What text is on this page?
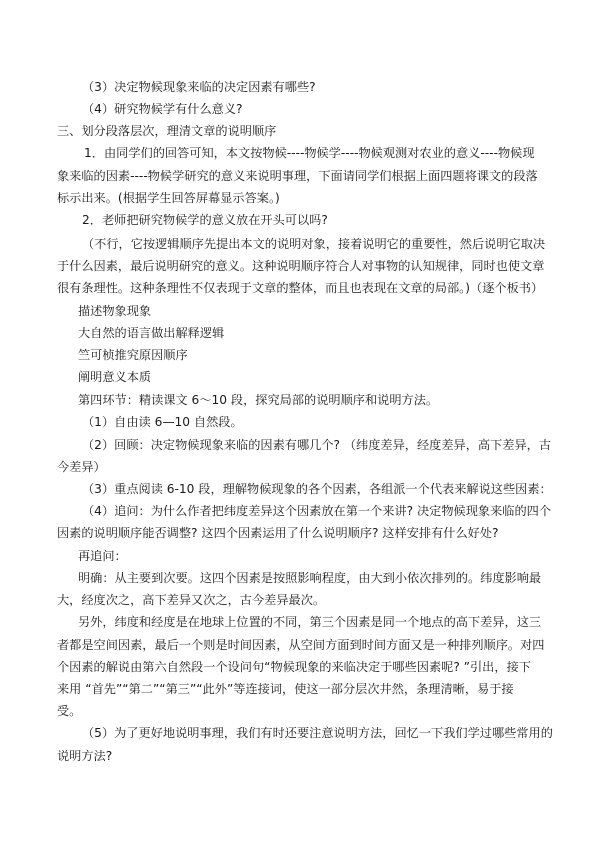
（3）决定物候现象来临的决定因素有哪些?
（4）研究物候学有什么意义?
三、划分段落层次，理清文章的说明顺序
1．由同学们的回答可知，本文按物候----物候学----物候观测对农业的意义----物候现
象来临的因素----物候学研究的意义来说明事理，下面请同学们根据上面四题将课文的段落
标示出来。(根据学生回答屏幕显示答案。)
2．老师把研究物候学的意义放在开头可以吗?
（不行，它按逻辑顺序先提出本文的说明对象，接着说明它的重要性，然后说明它取决
于什么因素，最后说明研究的意义。这种说明顺序符合人对事物的认知规律，同时也使文章
很有条理性。这种条理性不仅表现于文章的整体，而且也表现在文章的局部。)（逐个板书）
描述物象现象
大自然的语言做出解释逻辑
竺可桢推究原因顺序
阐明意义本质
第四环节：精读课文 6～10 段，探究局部的说明顺序和说明方法。
（1）自由读 6—10 自然段。
（2）回顾：决定物候现象来临的因素有哪几个? （纬度差异，经度差异，高下差异，古
今差异）
（3）重点阅读 6-10 段，理解物候现象的各个因素，各组派一个代表来解说这些因素：
（4）追问：为什么作者把纬度差异这个因素放在第一个来讲? 决定物候现象来临的四个
因素的说明顺序能否调整? 这四个因素运用了什么说明顺序? 这样安排有什么好处?
再追问：
明确：从主要到次要。这四个因素是按照影响程度，由大到小依次排列的。纬度影响最
大，经度次之，高下差异又次之，古今差异最次。
另外，纬度和经度是在地球上位置的不同，第三个因素是同一个地点的高下差异，这三
者都是空间因素，最后一个则是时间因素，从空间方面到时间方面又是一种排列顺序。对四
个因素的解说由第六自然段一个设问句“物候现象的来临决定于哪些因素呢? ”引出，接下
来用 “首先”“第二”“第三”“此外”等连接词，使这一部分层次井然，条理清晰，易于接
受。
（5）为了更好地说明事理，我们有时还要注意说明方法，回忆一下我们学过哪些常用的
说明方法?
